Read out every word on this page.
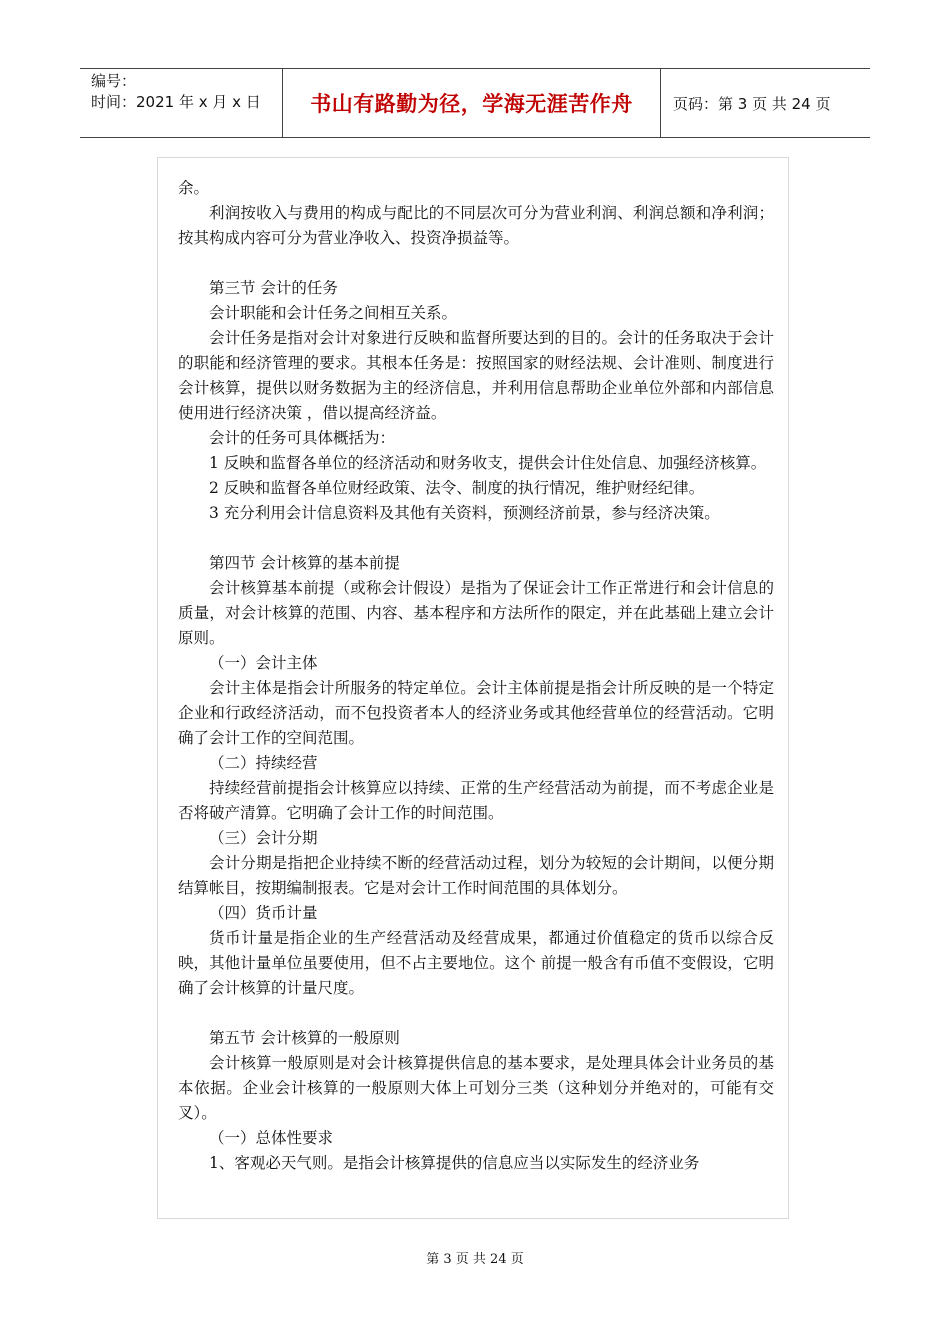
编号：
时间：2021 年 x 月 x 日	书山有路勤为径，学海无涯苦作舟	页码：第 3 页 共 24 页

余。

利润按收入与费用的构成与配比的不同层次可分为营业利润、利润总额和净利润；按其构成内容可分为营业净收入、投资净损益等。

第三节 会计的任务

会计职能和会计任务之间相互关系。

会计任务是指对会计对象进行反映和监督所要达到的目的。会计的任务取决于会计的职能和经济管理的要求。其根本任务是：按照国家的财经法规、会计准则、制度进行会计核算，提供以财务数据为主的经济信息，并利用信息帮助企业单位外部和内部信息使用进行经济决策 ，借以提高经济益。

会计的任务可具体概括为：

1 反映和监督各单位的经济活动和财务收支，提供会计住处信息、加强经济核算。

2 反映和监督各单位财经政策、法令、制度的执行情况，维护财经纪律。

3 充分利用会计信息资料及其他有关资料，预测经济前景，参与经济决策。

第四节 会计核算的基本前提

会计核算基本前提（或称会计假设）是指为了保证会计工作正常进行和会计信息的质量，对会计核算的范围、内容、基本程序和方法所作的限定，并在此基础上建立会计原则。

（一）会计主体

会计主体是指会计所服务的特定单位。会计主体前提是指会计所反映的是一个特定企业和行政经济活动，而不包投资者本人的经济业务或其他经营单位的经营活动。它明确了会计工作的空间范围。

（二）持续经营

持续经营前提指会计核算应以持续、正常的生产经营活动为前提，而不考虑企业是否将破产清算。它明确了会计工作的时间范围。

（三）会计分期

会计分期是指把企业持续不断的经营活动过程，划分为较短的会计期间，以便分期结算帐目，按期编制报表。它是对会计工作时间范围的具体划分。

（四）货币计量

货币计量是指企业的生产经营活动及经营成果，都通过价值稳定的货币以综合反映，其他计量单位虽要使用，但不占主要地位。这个 前提一般含有币值不变假设，它明确了会计核算的计量尺度。

第五节 会计核算的一般原则

会计核算一般原则是对会计核算提供信息的基本要求，是处理具体会计业务员的基本依据。企业会计核算的一般原则大体上可划分三类（这种划分并绝对的，可能有交叉）。

（一）总体性要求

1、客观必天气则。是指会计核算提供的信息应当以实际发生的经济业务

第 3 页 共 24 页
